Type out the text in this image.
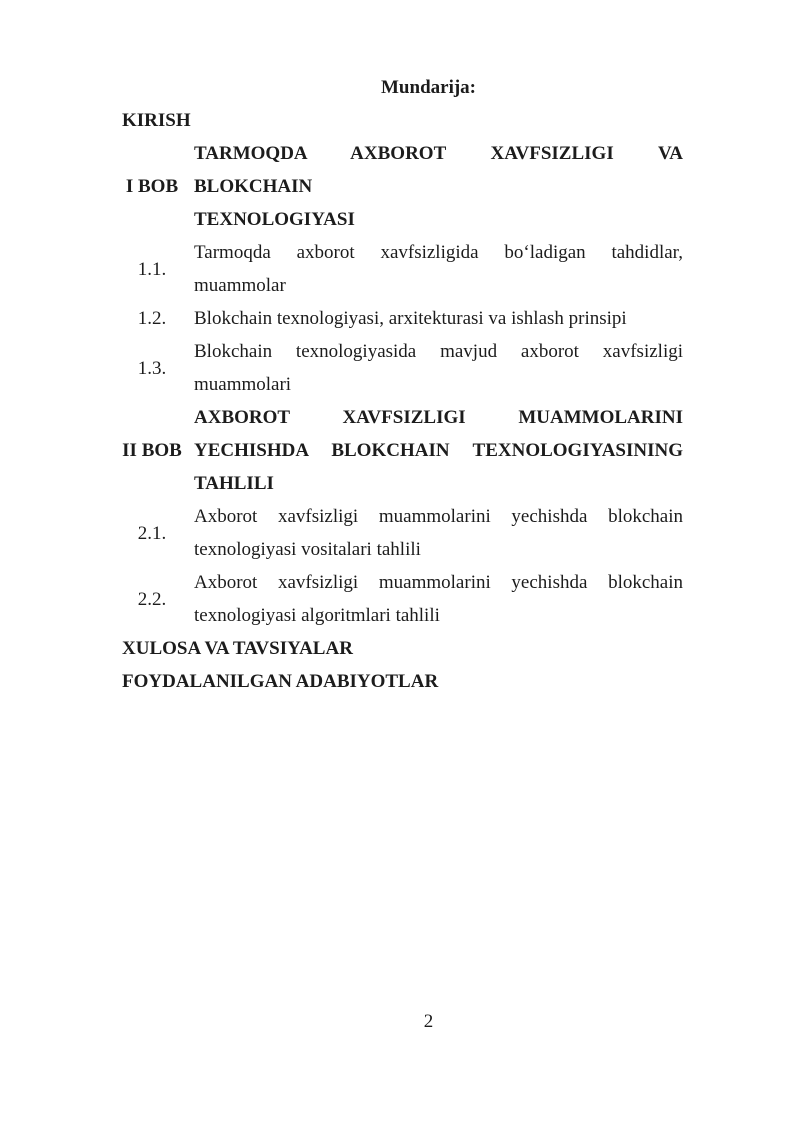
Mundarija:
KIRISH
I BOB
TARMOQDA AXBOROT XAVFSIZLIGI VA BLOKCHAIN
TEXNOLOGIYASI
1.1.
Tarmoqda axborot xavfsizligida bo‘ladigan tahdidlar,
muammolar
1.2.	Blokchain texnologiyasi, arxitekturasi va ishlash prinsipi
1.3.
Blokchain texnologiyasida mavjud axborot xavfsizligi
muammolari
II BOB
AXBOROT XAVFSIZLIGI MUAMMOLARINI
YECHISHDA BLOKCHAIN TEXNOLOGIYASINING
TAHLILI
2.1.
Axborot xavfsizligi muammolarini yechishda blokchain
texnologiyasi vositalari tahlili
2.2.
Axborot xavfsizligi muammolarini yechishda blokchain
texnologiyasi algoritmlari tahlili
XULOSA VA TAVSIYALAR
FOYDALANILGAN ADABIYOTLAR
2
